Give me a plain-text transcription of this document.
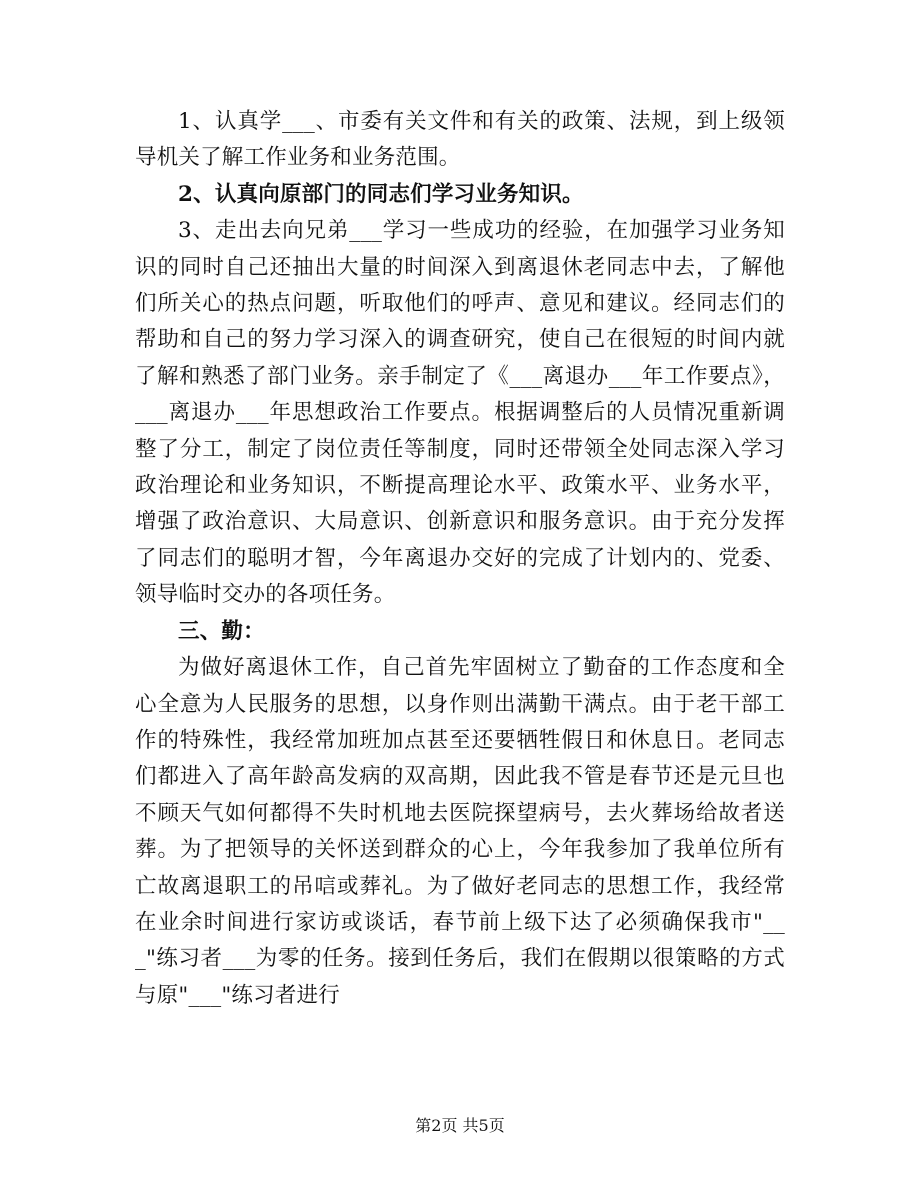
1、认真学___、市委有关文件和有关的政策、法规，到上级领导机关了解工作业务和业务范围。

2、认真向原部门的同志们学习业务知识。

3、走出去向兄弟___学习一些成功的经验，在加强学习业务知识的同时自己还抽出大量的时间深入到离退休老同志中去，了解他们所关心的热点问题，听取他们的呼声、意见和建议。经同志们的帮助和自己的努力学习深入的调查研究，使自己在很短的时间内就了解和熟悉了部门业务。亲手制定了《___离退办___年工作要点》，___离退办___年思想政治工作要点。根据调整后的人员情况重新调整了分工，制定了岗位责任等制度，同时还带领全处同志深入学习政治理论和业务知识，不断提高理论水平、政策水平、业务水平，增强了政治意识、大局意识、创新意识和服务意识。由于充分发挥了同志们的聪明才智，今年离退办交好的完成了计划内的、党委、领导临时交办的各项任务。

三、勤：

为做好离退休工作，自己首先牢固树立了勤奋的工作态度和全心全意为人民服务的思想，以身作则出满勤干满点。由于老干部工作的特殊性，我经常加班加点甚至还要牺牲假日和休息日。老同志们都进入了高年龄高发病的双高期，因此我不管是春节还是元旦也不顾天气如何都得不失时机地去医院探望病号，去火葬场给故者送葬。为了把领导的关怀送到群众的心上，今年我参加了我单位所有亡故离退职工的吊唁或葬礼。为了做好老同志的思想工作，我经常在业余时间进行家访或谈话，春节前上级下达了必须确保我市"___"练习者___为零的任务。接到任务后，我们在假期以很策略的方式与原"___"练习者进行

第2页 共5页
